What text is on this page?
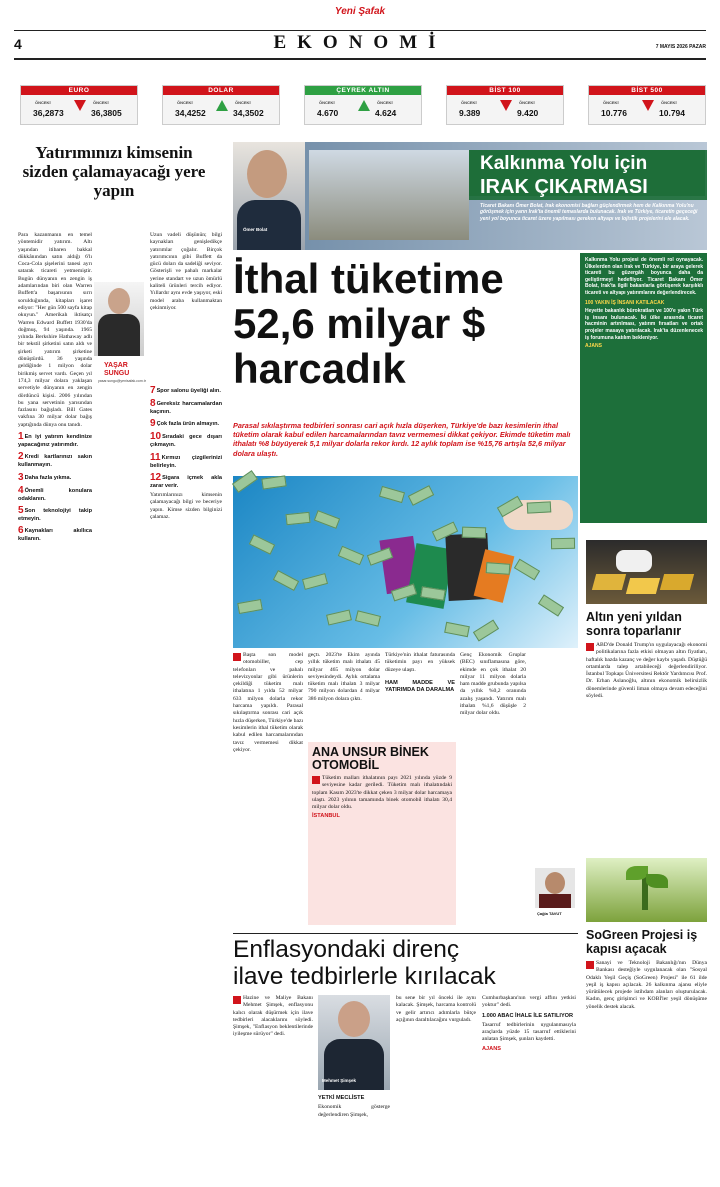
Yeni Şafak
4	EKONOMİ	7 MAYIS 2026 PAZAR
EURO
ÖNCEKİ
36,2873
ÖNCEKİ
36,3805
DOLAR
ÖNCEKİ
34,4252
ÖNCEKİ
34,3502
ÇEYREK ALTIN
ÖNCEKİ
4.670
ÖNCEKİ
4.624
BİST 100
ÖNCEKİ
9.389
ÖNCEKİ
9.420
BİST 500
ÖNCEKİ
10.776
ÖNCEKİ
10.794
Yatırımınızı kimsenin sizden çalamayacağı yere yapın
YAŞAR SUNGU
yasar.sungu@yenisafak.com.tr

Para kazanmanın en temel yöntemidir yatırım. Altı yaşından itibaren bakkal dükkânından satın aldığı 6'lı Coca-Cola şişelerini tanesi ayrı satarak ticareti yetmemiştir. Bugün dünyanın en zengin iş adamlarından biri olan Warren Buffett'a başarısının sırrı sorulduğunda, kitapları işaret ediyor: "Her gün 500 sayfa kitap okuyun." Amerikalı iktisatçı Warren Edward Buffett 1930'da doğmuş, 94 yaşında. 1965 yılında Berkshire Hathaway adlı bir tekstil şirketini satın aldı ve şirketi yatırım şirketine dönüştürdü. 36 yaşında geldiğinde 1 milyon dolar birikmiş servet vardı. Geçen yıl 174,3 milyar dolara yaklaşan servetiyle dünyanın en zengin dördüncü kişisi. 2006 yılından bu yana servetinin yarısından fazlasını bağışladı. Bill Gates vakfına 30 milyar dolar bağış yaptığında dünya onu tanıdı.

1En iyi yatırım kendinize yapacağınız yatırımdır.

2Kredi kartlarınızı sakın kullanmayın.

3Daha fazla yıkma.

4Önemli konulara odaklanın.

5Son teknolojiyi takip etmeyin.

6Kaynakları akıllıca kullanın.

Uzun vadeli düşünün; bilgi kaynakları genişledikçe yatırımlar çoğalır. Birçok yatırımcının gibi Buffett da gücü doları da sadeliği seviyor. Gösterişli ve pahalı markalar yerine standart ve uzun ömürlü kaliteli ürünleri tercih ediyor. Yıllardır aynı evde yaşıyor, eski model araba kullanmaktan çekinmiyor.

7Spor salonu üyeliği alın.

8Gereksiz harcamalardan kaçının.

9Çok fazla ürün almayın.

10Sıradaki gece dışarı çıkmayın.

11Kırmızı çizgilerinizi belirleyin.

12Sigara içmek akla zarar verir.

Yatırımlarınızı kimsenin çalamayacağı bilgi ve beceriye yapın. Kimse sizden bilginizi çalamaz.

Ömer Bolat
Kalkınma Yolu için
IRAK ÇIKARMASI
Ticaret Bakanı Ömer Bolat, Irak ekonomisi bağları güçlendirmek hem de Kalkınma Yolu'nu görüşmek için yarın Irak'ta önemli temaslarda bulunacak. Irak ve Türkiye, ticaretin geçeceği yeni yol boyunca ticaret üzere yapılması gereken altyapı ve lojistik projelerini ele alacak.

Kalkınma Yolu projesi de önemli rol oynayacak. Ülkelerden olan Irak ve Türkiye, bir araya gelerek ticareti bu güzergâh boyunca daha da geliştirmeyi hedefliyor. Ticaret Bakanı Ömer Bolat, Irak'ta ilgili bakanlarla görüşerek karşılıklı ticareti ve altyapı yatırımlarını değerlendirecek.

100 YAKIN İŞ İNSANI KATILACAK

Heyette bakanlık bürokratları ve 100'e yakın Türk iş insanı bulunacak. İki ülke arasında ticaret hacminin artırılması, yatırım fırsatları ve ortak projeler masaya yatırılacak. Irak'ta düzenlenecek iş forumuna katılım bekleniyor.

AJANS

İthal tüketime 52,6 milyar $ harcadık
Parasal sıkılaştırma tedbirleri sonrası cari açık hızla düşerken, Türkiye'de bazı kesimlerin ithal tüketim olarak kabul edilen harcamalarından tavız vermemesi dikkat çekiyor. Ekimde tüketim malı ithalatı %8 büyüyerek 5,1 milyar dolarla rekor kırdı. 12 aylık toplam ise %15,76 artışla 52,6 milyar dolara ulaştı.

Başta son model otomobiller, cep telefonları ve pahalı televizyonlar gibi ürünlerin çekildiği tüketim malı ithalatına 1 yılda 52 milyar 633 milyon dolarla rekor harcama yapıldı. Parasal sıkılaştırma sonrası cari açık hızla düşerken, Türkiye'de bazı kesimlerin ithal tüketim olarak kabul edilen harcamalarından tavız vermemesi dikkat çekiyor.

geçtı. 2023'te Ekim ayında yıllık tüketim malı ithalatı 45 milyar 465 milyon dolar seviyesindeydi. Aylık ortalama tüketim malı ithalatı 3 milyar 790 milyon dolardan 4 milyar 386 milyon dolara çıktı.

Türkiye'nin ithalat faturasında tüketimin payı en yüksek düzeye ulaştı.

HAM MADDE VE YATIRIMDA DA DARALMA

Genç Ekonomik Gruplar (BEC) sınıflamasına göre, ekimde en çok ithalat 20 milyar 11 milyon dolarla ham madde grubunda yapılsa da yıllık %0,2 oranında azalış yaşandı. Yatırım malı ithalatı %1,6 düşüşle 2 milyar dolar oldu.

Çağla TAVUT
ANA UNSUR BİNEK OTOMOBİL

Tüketim malları ithalatının payı 2021 yılında yüzde 9 seviyesine kadar geriledi. Tüketim malı ithalatındaki toplam Kasım 2023'te dikkat çeken 3 milyar dolar harcamaya ulaştı. 2023 yılının tamamında binek otomobil ithalatı 30,4 milyar dolar oldu.

İSTANBUL

Enflasyondaki direnç
ilave tedbirlerle kırılacak

Hazine ve Maliye Bakanı Mehmet Şimşek, enflasyonu kalıcı olarak düşürmek için ilave tedbirleri alacaklarını söyledi. Şimşek, "Enflasyon beklentilerinde iyileşme sürüyor" dedi.

Mehmet Şimşek

YETKİ MECLİSTE

Ekonomik gösterge değerlendiren Şimşek,

bu sene bir yıl önceki ile aynı kalacak. Şimşek, harcama kontrolü ve gelir artırıcı adımlarla bütçe açığının daraltılacağını vurguladı.

Cumhurbaşkanı'nın vergi affını yetkisi yoktur" dedi.

1.000 ABAC İHALE İLE SATILIYOR

Tasarruf tedbirlerinin uygulanmasıyla araçlarda yüzde 15 tasarruf ettiklerini anlatan Şimşek, şunları kaydetti.

AJANS

Altın yeni yıldan sonra toparlanır

ABD'de Donald Trump'ın uygulayacağı ekonomi politikalarına fazla etkisi olmayan altın fiyatları, haftalık bazda kazanç ve değer kaybı yaşadı. Düştüğü ortamlarda talep artabileceği değerlendiriliyor. İstanbul Topkapı Üniversitesi Rektör Yardımcısı Prof. Dr. Erhan Aslanoğlu, altının ekonomik belirsizlik dönemlerinde güvenli liman olmaya devam edeceğini söyledi.

SoGreen Projesi iş kapısı açacak

Sanayi ve Teknoloji Bakanlığı'nın Dünya Bankası desteğiyle uygulanacak olan "Sosyal Odaklı Yeşil Geçiş (SoGreen) Projesi" ile 61 ilde yeşil iş kapısı açılacak. 26 kalkınma ajansı eliyle yürütülecek projede istihdam alanları oluşturulacak. Kadın, genç girişimci ve KOBİ'ler yeşil dönüşüme yönelik destek alacak.
